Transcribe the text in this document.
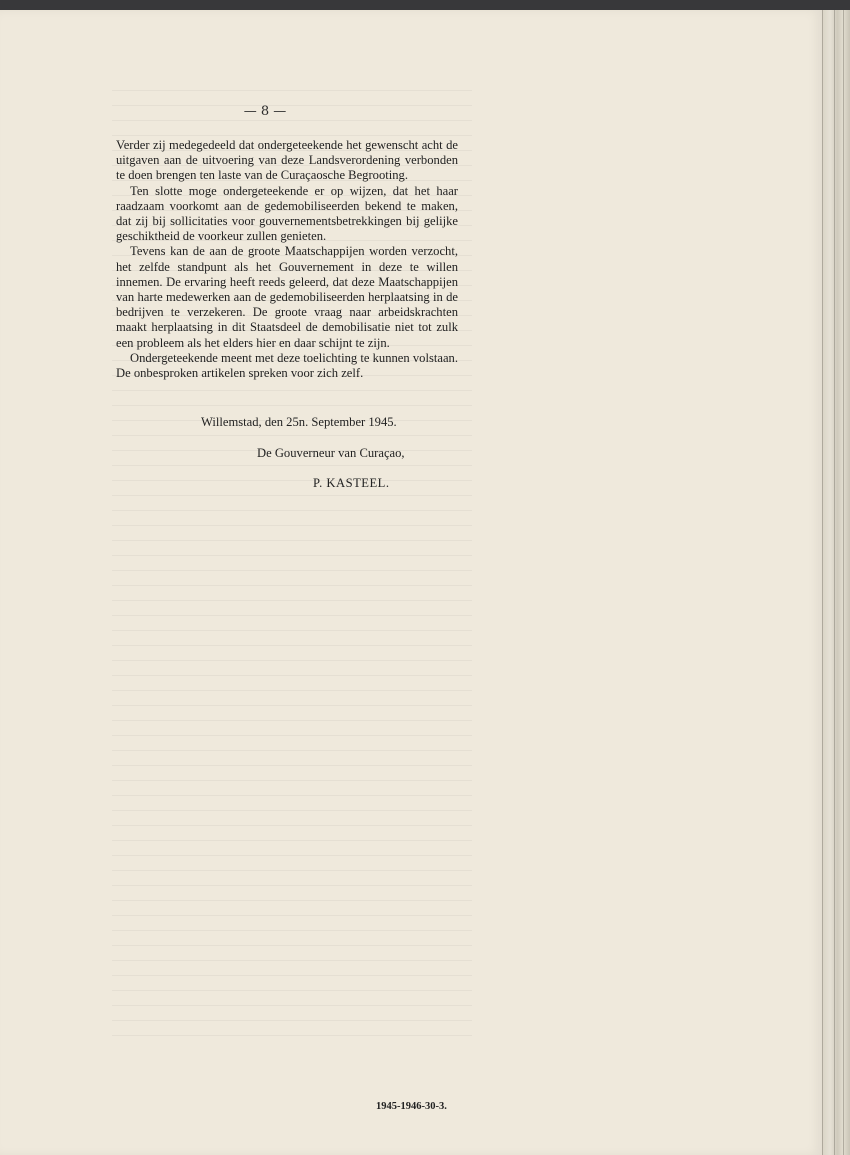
— 8 —

Verder zij medegedeeld dat ondergeteekende het gewenscht acht de uitgaven aan de uitvoering van deze Landsverordening verbonden te doen brengen ten laste van de Curaçaosche Begrooting.

Ten slotte moge ondergeteekende er op wijzen, dat het haar raadzaam voorkomt aan de gedemobiliseerden bekend te maken, dat zij bij sollicitaties voor gouvernementsbetrekkingen bij gelijke geschiktheid de voorkeur zullen genieten.

Tevens kan de aan de groote Maatschappijen worden verzocht, het zelfde standpunt als het Gouvernement in deze te willen innemen. De ervaring heeft reeds geleerd, dat deze Maatschappijen van harte medewerken aan de gedemobiliseerden herplaatsing in de bedrijven te verzekeren. De groote vraag naar arbeidskrachten maakt herplaatsing in dit Staatsdeel de demobilisatie niet tot zulk een probleem als het elders hier en daar schijnt te zijn.

Ondergeteekende meent met deze toelichting te kunnen volstaan. De onbesproken artikelen spreken voor zich zelf.

Willemstad, den 25n. September 1945.
De Gouverneur van Curaçao,
P. KASTEEL.
1945-1946-30-3.
